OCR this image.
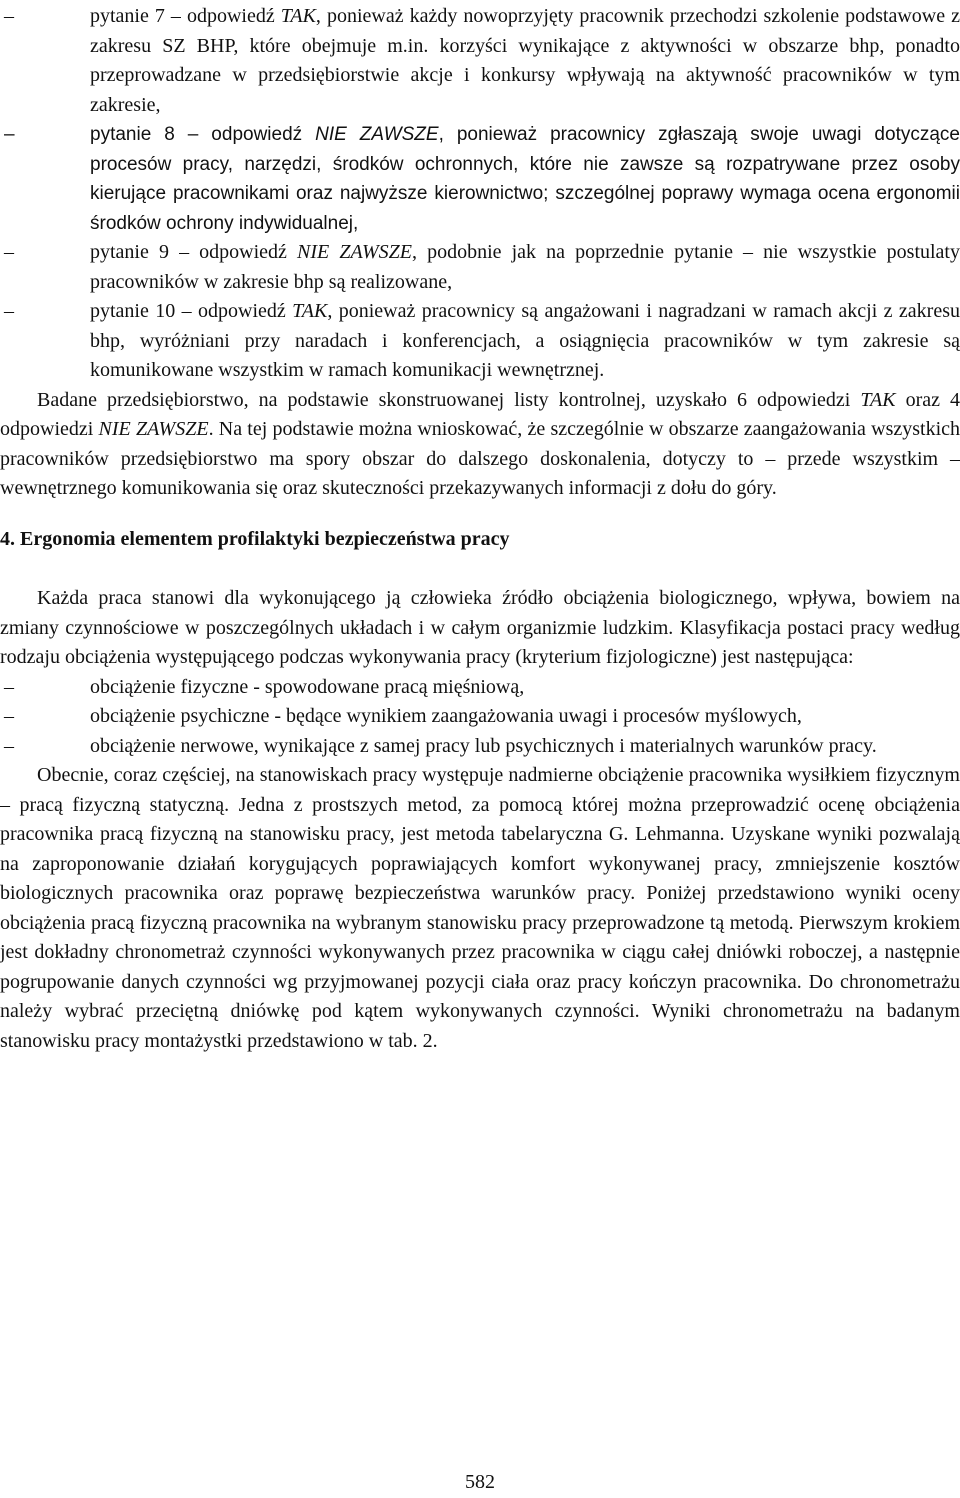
–	pytanie 7 – odpowiedź TAK, ponieważ każdy nowoprzyjęty pracownik przechodzi szkolenie podstawowe z zakresu SZ BHP, które obejmuje m.in. korzyści wynikające z aktywności w obszarze bhp, ponadto przeprowadzane w przedsiębiorstwie akcje i konkursy wpływają na aktywność pracowników w tym zakresie,
–	pytanie 8 – odpowiedź NIE ZAWSZE, ponieważ pracownicy zgłaszają swoje uwagi dotyczące procesów pracy, narzędzi, środków ochronnych, które nie zawsze są rozpatrywane przez osoby kierujące pracownikami oraz najwyższe kierownictwo; szczególnej poprawy wymaga ocena ergonomii środków ochrony indywidualnej,
–	pytanie 9 – odpowiedź NIE ZAWSZE, podobnie jak na poprzednie pytanie – nie wszystkie postulaty pracowników w zakresie bhp są realizowane,
–	pytanie 10 – odpowiedź TAK, ponieważ pracownicy są angażowani i nagradzani w ramach akcji z zakresu bhp, wyróżniani przy naradach i konferencjach, a osiągnięcia pracowników w tym zakresie są komunikowane wszystkim w ramach komunikacji wewnętrznej.

Badane przedsiębiorstwo, na podstawie skonstruowanej listy kontrolnej, uzyskało 6 odpowiedzi TAK oraz 4 odpowiedzi NIE ZAWSZE. Na tej podstawie można wnioskować, że szczególnie w obszarze zaangażowania wszystkich pracowników przedsiębiorstwo ma spory obszar do dalszego doskonalenia, dotyczy to – przede wszystkim – wewnętrznego komunikowania się oraz skuteczności przekazywanych informacji z dołu do góry.

4. Ergonomia elementem profilaktyki bezpieczeństwa pracy

Każda praca stanowi dla wykonującego ją człowieka źródło obciążenia biologicznego, wpływa, bowiem na zmiany czynnościowe w poszczególnych układach i w całym organizmie ludzkim. Klasyfikacja postaci pracy według rodzaju obciążenia występującego podczas wykonywania pracy (kryterium fizjologiczne) jest następująca:

–	obciążenie fizyczne - spowodowane pracą mięśniową,
–	obciążenie psychiczne - będące wynikiem zaangażowania uwagi i procesów myślowych,
–	obciążenie nerwowe, wynikające z samej pracy lub psychicznych i materialnych warunków pracy.

Obecnie, coraz częściej, na stanowiskach pracy występuje nadmierne obciążenie pracownika wysiłkiem fizycznym – pracą fizyczną statyczną. Jedna z prostszych metod, za pomocą której można przeprowadzić ocenę obciążenia pracownika pracą fizyczną na stanowisku pracy, jest metoda tabelaryczna G. Lehmanna. Uzyskane wyniki pozwalają na zaproponowanie działań korygujących poprawiających komfort wykonywanej pracy, zmniejszenie kosztów biologicznych pracownika oraz poprawę bezpieczeństwa warunków pracy. Poniżej przedstawiono wyniki oceny obciążenia pracą fizyczną pracownika na wybranym stanowisku pracy przeprowadzone tą metodą. Pierwszym krokiem jest dokładny chronometraż czynności wykonywanych przez pracownika w ciągu całej dniówki roboczej, a następnie pogrupowanie danych czynności wg przyjmowanej pozycji ciała oraz pracy kończyn pracownika. Do chronometrażu należy wybrać przeciętną dniówkę pod kątem wykonywanych czynności. Wyniki chronometrażu na badanym stanowisku pracy montażystki przedstawiono w tab. 2.

582
